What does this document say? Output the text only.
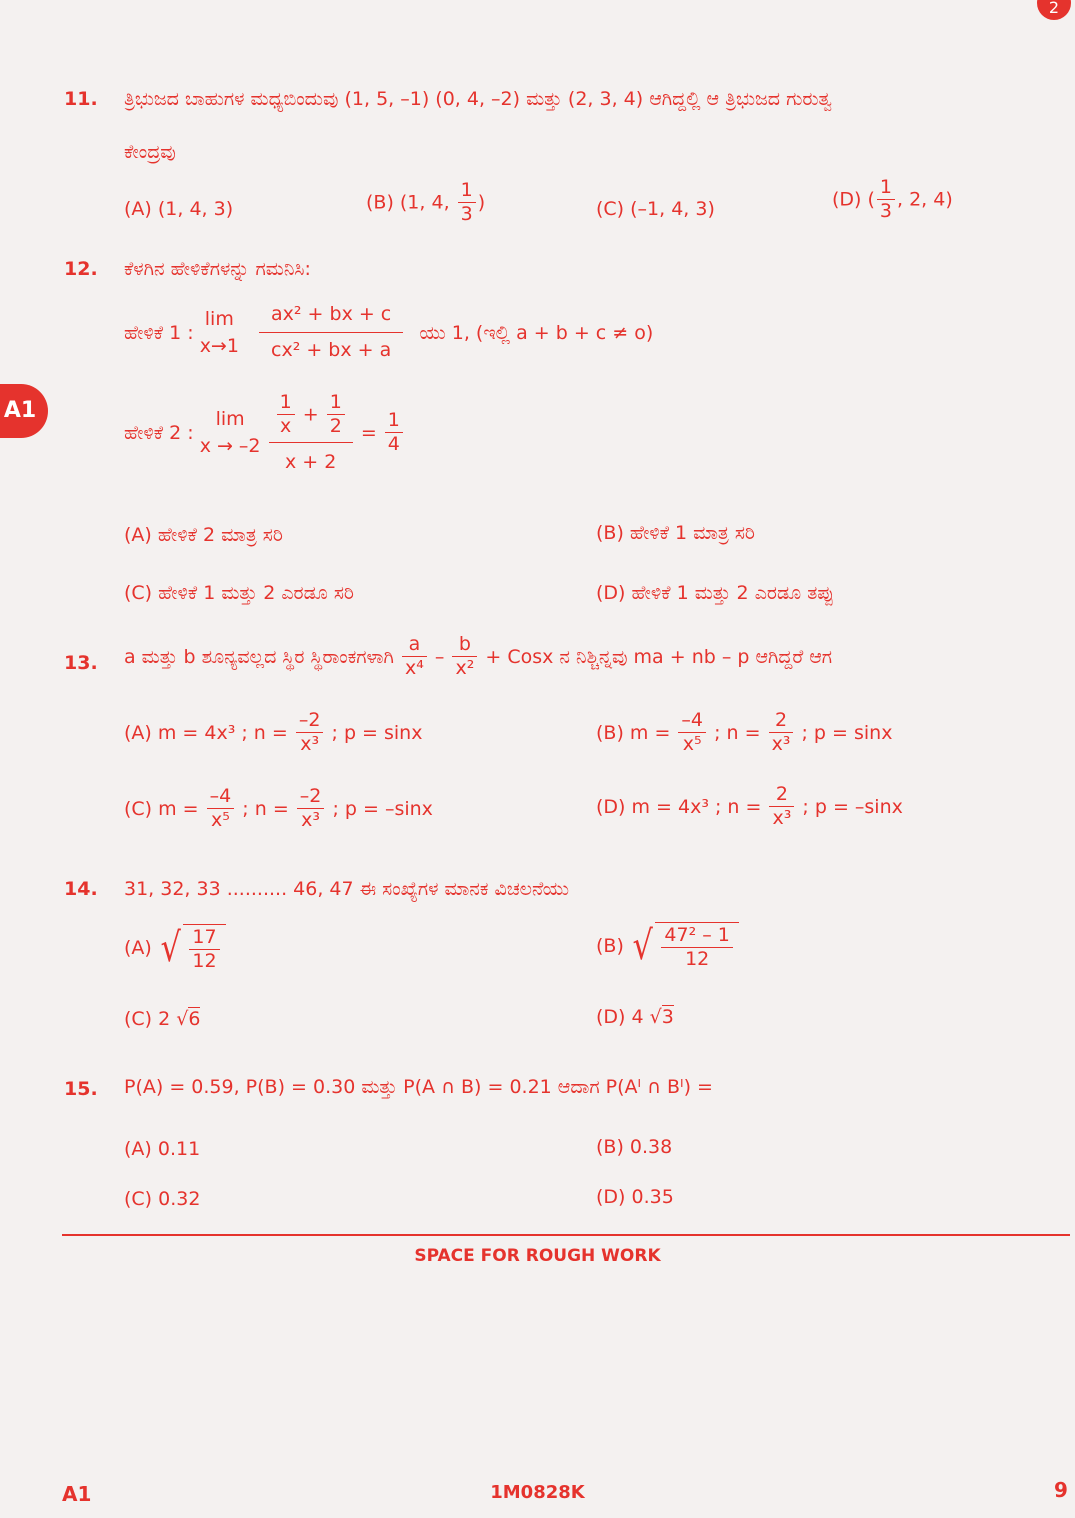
2
A1
11. ತ್ರಿಭುಜದ ಬಾಹುಗಳ ಮಧ್ಯಬಿಂದುವು (1, 5, –1) (0, 4, –2) ಮತ್ತು (2, 3, 4) ಆಗಿದ್ದಲ್ಲಿ ಆ ತ್ರಿಭುಜದ ಗುರುತ್ವ
ಕೇಂದ್ರವು
(A) (1, 4, 3)	(B) (1, 4, $\frac{1}{3}$ )	(C) (–1, 4, 3)	(D) ( $\frac{1}{3}$ , 2, 4)
12. ಕೆಳಗಿನ ಹೇಳಿಕೆಗಳನ್ನು ಗಮನಿಸಿ:
ಹೇಳಿಕೆ 1 :
lim
x→1
$\frac{\text{ax² + bx + c}}{\text{cx² + bx + a}}$ ಯು 1, (ಇಲ್ಲಿ a + b + c ≠ o)
ಹೇಳಿಕೆ 2 :
lim
x → –2
$\frac{\frac{1}{x} + \frac{1}{2}}{x + 2} = \frac{1}{4}$
(A) ಹೇಳಿಕೆ 2 ಮಾತ್ರ ಸರಿ	(B) ಹೇಳಿಕೆ 1 ಮಾತ್ರ ಸರಿ
(C) ಹೇಳಿಕೆ 1 ಮತ್ತು 2 ಎರಡೂ ಸರಿ	(D) ಹೇಳಿಕೆ 1 ಮತ್ತು 2 ಎರಡೂ ತಪ್ಪು
13. a ಮತ್ತು b ಶೂನ್ಯವಲ್ಲದ ಸ್ಥಿರ ಸ್ಥಿರಾಂಕಗಳಾಗಿ $\frac{a}{\text{x⁴}} - \frac{b}{\text{x²}}$ + Cosx ನ ನಿಶ್ಚಿನ್ನವು ma + nb – p ಆಗಿದ್ದರೆ ಆಗ
(A) m = 4x³ ; $n = \frac{-2}{\text{x³}}$ ; p = sinx	(B) $m = \frac{-4}{\text{x⁵}}$ ; $n = \frac{2}{\text{x³}}$ ; p = sinx
(C) $m = \frac{-4}{\text{x⁵}}$ ; $n = \frac{-2}{\text{x³}}$ ; p = –sinx	(D) m = 4x³ ; $n = \frac{2}{\text{x³}}$ ; p = –sinx
14. 31, 32, 33 .......... 46, 47 ಈ ಸಂಖ್ಯೆಗಳ ಮಾನಕ ವಿಚಲನೆಯು
(A) √ $\frac{17}{12}$	(B) √ $\frac{\text{47² – 1}}{12}$
(C) 2 √6	(D) 4 √3
15. P(A) = 0.59, P(B) = 0.30 ಮತ್ತು P(A ∩ B) = 0.21 ಆದಾಗ P(Aᴵ ∩ Bᴵ) =
(A) 0.11	(B) 0.38
(C) 0.32	(D) 0.35
SPACE FOR ROUGH WORK
A1	1M0828K	9
